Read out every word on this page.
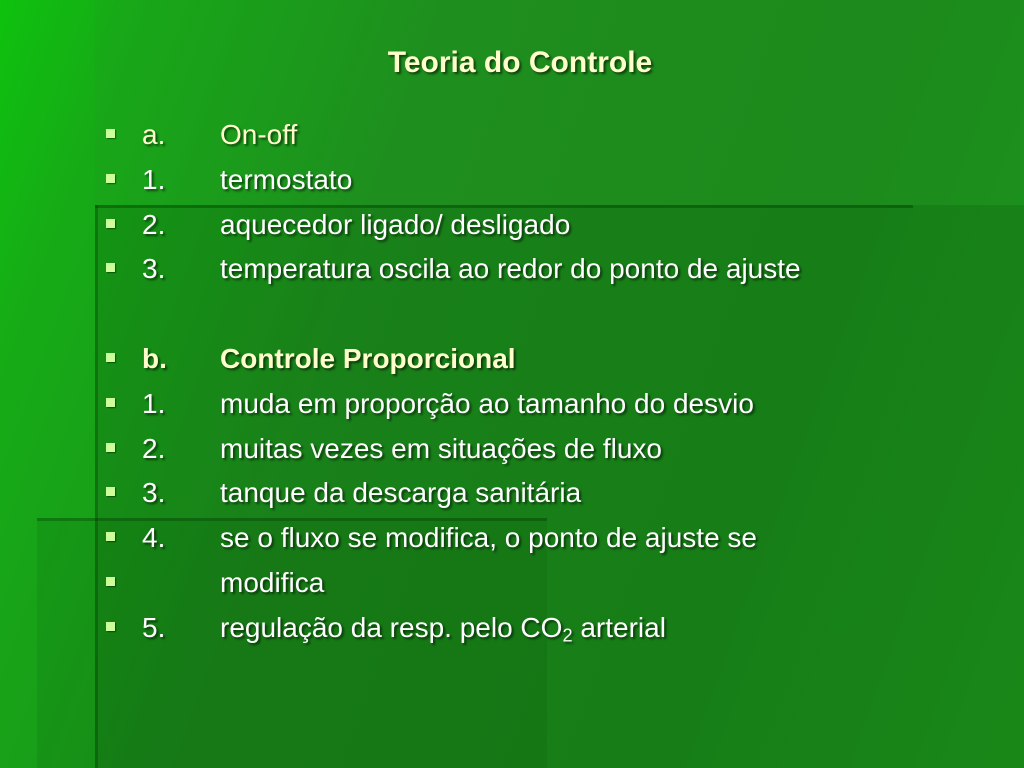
Teoria do Controle
a. On-off
1. termostato
2. aquecedor ligado/ desligado
3. temperatura oscila ao redor do ponto de ajuste
b. Controle Proporcional
1. muda em proporção ao tamanho do desvio
2. muitas vezes em situações de fluxo
3. tanque da descarga sanitária
4. se o fluxo se modifica, o ponto de ajuste se
modifica
5. regulação da resp. pelo $CO_2$ arterial
